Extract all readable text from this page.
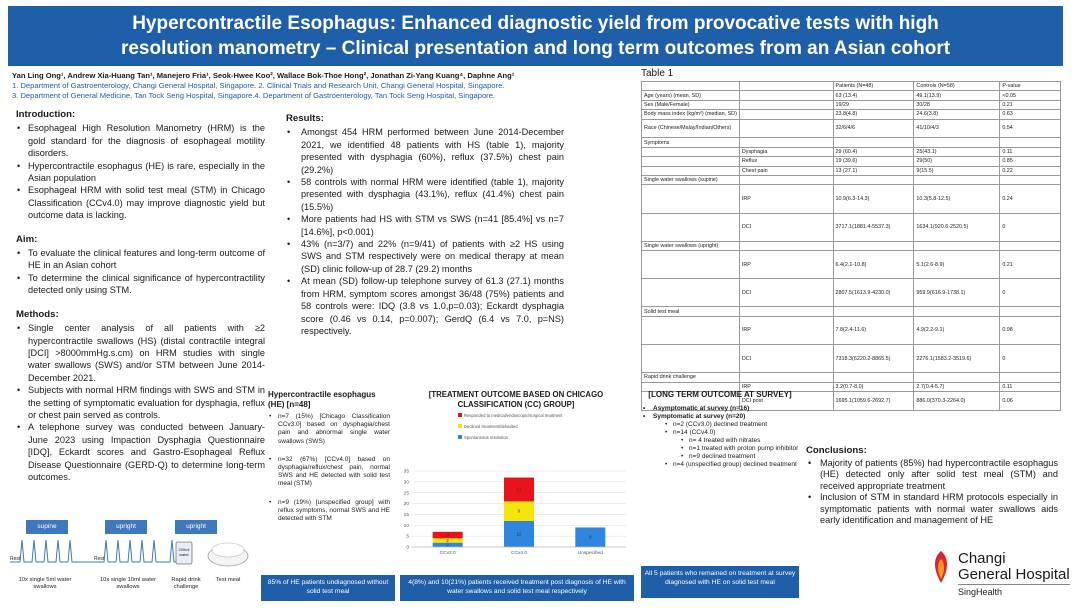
Hypercontractile Esophagus: Enhanced diagnostic yield from provocative tests with high
resolution manometry – Clinical presentation and long term outcomes from an Asian cohort
Yan Ling Ong¹, Andrew Xia-Huang Tan¹, Manejero Fria¹, Seok-Hwee Koo², Wallace Bok-Thoe Hong², Jonathan Zi-Yang Kuang⁴, Daphne Ang¹
1. Department of Gastroenterology, Changi General Hospital, Singapore. 2. Clinical Trials and Research Unit, Changi General Hospital, Singapore.
3. Department of General Medicine, Tan Tock Seng Hospital, Singapore.4. Department of Gastroenterology, Tan Tock Seng Hospital, Singapore.
Introduction:
• Esophageal High Resolution Manometry (HRM) is the gold standard for the diagnosis of esophageal motility disorders.
• Hypercontractile esophagus (HE) is rare, especially in the Asian population
• Esophageal HRM with solid test meal (STM) in Chicago Classification (CCv4.0) may improve diagnostic yield but outcome data is lacking.
Aim:
• To evaluate the clinical features and long-term outcome of HE in an Asian cohort
• To determine the clinical significance of hypercontractility detected only using STM.
Methods:
• Single center analysis of all patients with ≥2 hypercontractile swallows (HS) (distal contractile integral [DCI] >8000mmHg.s.cm) on HRM studies with single water swallows (SWS) and/or STM between June 2014-December 2021.
• Subjects with normal HRM findings with SWS and STM in the setting of symptomatic evaluation for dysphagia, reflux or chest pain served as controls.
• A telephone survey was conducted between January-June 2023 using Impaction Dysphagia Questionnaire [IDQ], Eckardt scores and Gastro-Esophageal Reflux Disease Questionnaire (GERD-Q) to determine long-term outcomes.
supine	upright	upright
Rest	Rest
200ml water
10x single 5ml water swallows
10x single 10ml water swallows
Rapid drink challenge
Test meal
Results:
• Amongst 454 HRM performed between June 2014-December 2021, we identified 48 patients with HS (table 1), majority presented with dysphagia (60%), reflux (37.5%) chest pain (29.2%)
• 58 controls with normal HRM were identified (table 1), majority presented with dysphagia (43.1%), reflux (41.4%) chest pain (15.5%)
• More patients had HS with STM vs SWS (n=41 [85.4%] vs n=7 [14.6%], p<0.001)
• 43% (n=3/7) and 22% (n=9/41) of patients with ≥2 HS using SWS and STM respectively were on medical therapy at mean (SD) clinic follow-up of 28.7 (29.2) months
• At mean (SD) follow-up telephone survey of 61.3 (27.1) months from HRM, symptom scores amongst 36/48 (75%) patients and 58 controls were: IDQ (3.8 vs 1.0,p=0.03); Eckardt dysphagia score (0.46 vs 0.14, p=0.007); GerdQ (6.4 vs 7.0, p=NS) respectively.
Hypercontractile esophagus (HE) [n=48]
• n=7 (15%) [Chicago Classification CCv3.0] based on dysphagia/chest pain and abnormal single water swallows (SWS)
• n=32 (67%) [CCv4.0] based on dysphagia/reflux/chest pain, normal SWS and HE detected with solid test meal (STM)
• n=9 (19%) [unspecified group] with reflux symptoms, normal SWS and HE detected with STM
[TREATMENT OUTCOME BASED ON CHICAGO CLASSIFICATION (CC) GROUP]
Responded to medical/endoscopic/surgical treatment
Declined treatment/defaulted
Spontaneous resolution
0
5
10
15
20
25
30
35
2
2
3
CCv3.0
12
9
11
CCv4.0
9
Unspecified
Table 1
		Patients (N=48)	Controls (N=58)	P-value
Age (years) (mean, SD)		63 (13.4)	49.1(13.9)	<0.05
Sex (Male/Female)		19/29	30/28	0.21
Body mass index (kg/m²) (median, SD)		23.8(4.8)	24.6(3.8)	0.63
Race (Chinese/Malay/Indian/Others)		32/6/4/6	41/10/4/3	0.54
Symptoms				
	Dysphagia	29 (60.4)	25(43.1)	0.11
	Reflux	19 (39.6)	29(50)	0.85
	Chest pain	13 (27.1)	9(15.5)	0.22
Single water swallows (supine)				
	IRP	10.9(6.3-14.3)	10.3(5.8-12.5)	0.24
	DCI	3717.1(1881.4-5537.3)	1634.1(920.6-2520.5)	0
Single water swallows (upright)				
	IRP	6.4(2.1-10.8)	5.1(2.6-8.9)	0.21
	DCI	2807.5(1613.9-4230.0)	959.9(616.9-1738.1)	0
Solid test meal				
	IRP	7.8(2.4-11.6)	4.9(2.2-9.1)	0.98
	DCI	7318.3(6220.2-8865.5)	2276.1(1583.2-3519.6)	0
Rapid drink challenge				
	IRP	3.2(0.7-8.0)	2.7(0.4-5.7)	0.11
	DCI post	1695.1(1059.6-2692.7)	886.0(370.3-2264.0)	0.06
[LONG TERM OUTCOME AT SURVEY]
• Asymptomatic at survey (n=16)
• Symptomatic at survey (n=20)
• n=2 (CCv3.0) declined treatment
• n=14 (CCv4.0)
• n= 4 treated with nitrates
• n=1 treated with proton pump inhibitor
• n=9 declined treatment
• n=4 (unspecified group) declined treatment
Conclusions:
• Majority of patients (85%) had hypercontractile esophagus (HE) detected only after solid test meal (STM) and received appropriate treatment
• Inclusion of STM in standard HRM protocols especially in symptomatic patients with normal water swallows aids early identification and management of HE
85% of HE patients undiagnosed without solid test meal
4(8%) and 10(21%) patients received treatment post diagnosis of HE with water swallows and solid test meal respectively
All 5 patients who remained on treatment at survey diagnosed with HE on solid test meal
Changi
General Hospital
SingHealth
